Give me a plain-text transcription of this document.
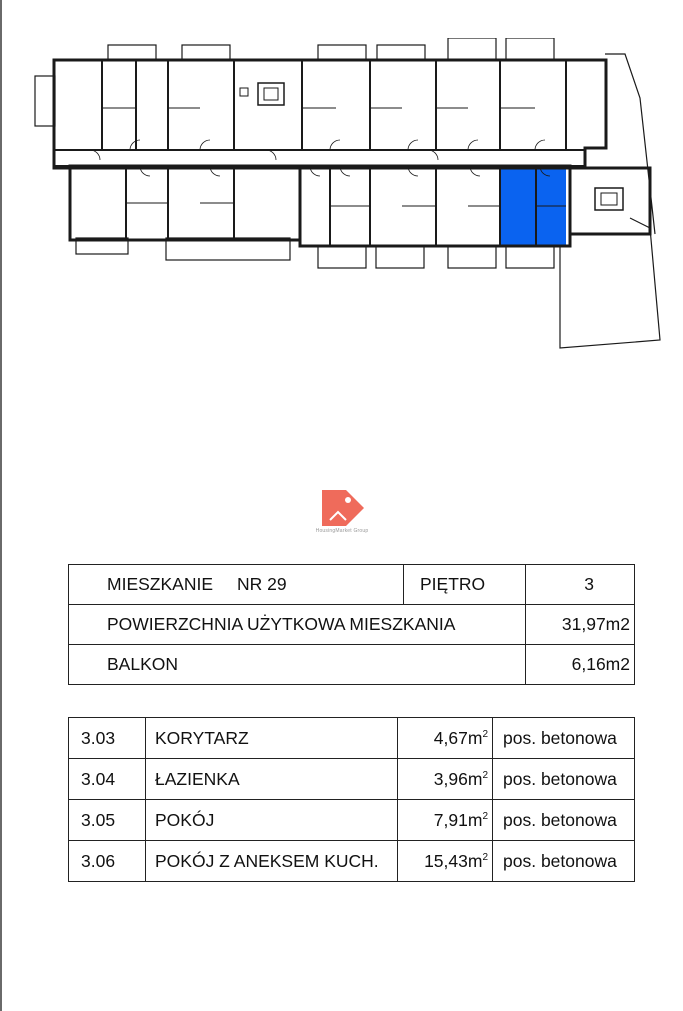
HousingMarket Group
MIESZKANIE NR 29	PIĘTRO	3
POWIERZCHNIA UŻYTKOWA MIESZKANIA		31,97m2
BALKON		6,16m2
3.03	KORYTARZ	$4,67m^2$	pos. betonowa
3.04	ŁAZIENKA	$3,96m^2$	pos. betonowa
3.05	POKÓJ	$7,91m^2$	pos. betonowa
3.06	POKÓJ Z ANEKSEM KUCH.	$15,43m^2$	pos. betonowa
